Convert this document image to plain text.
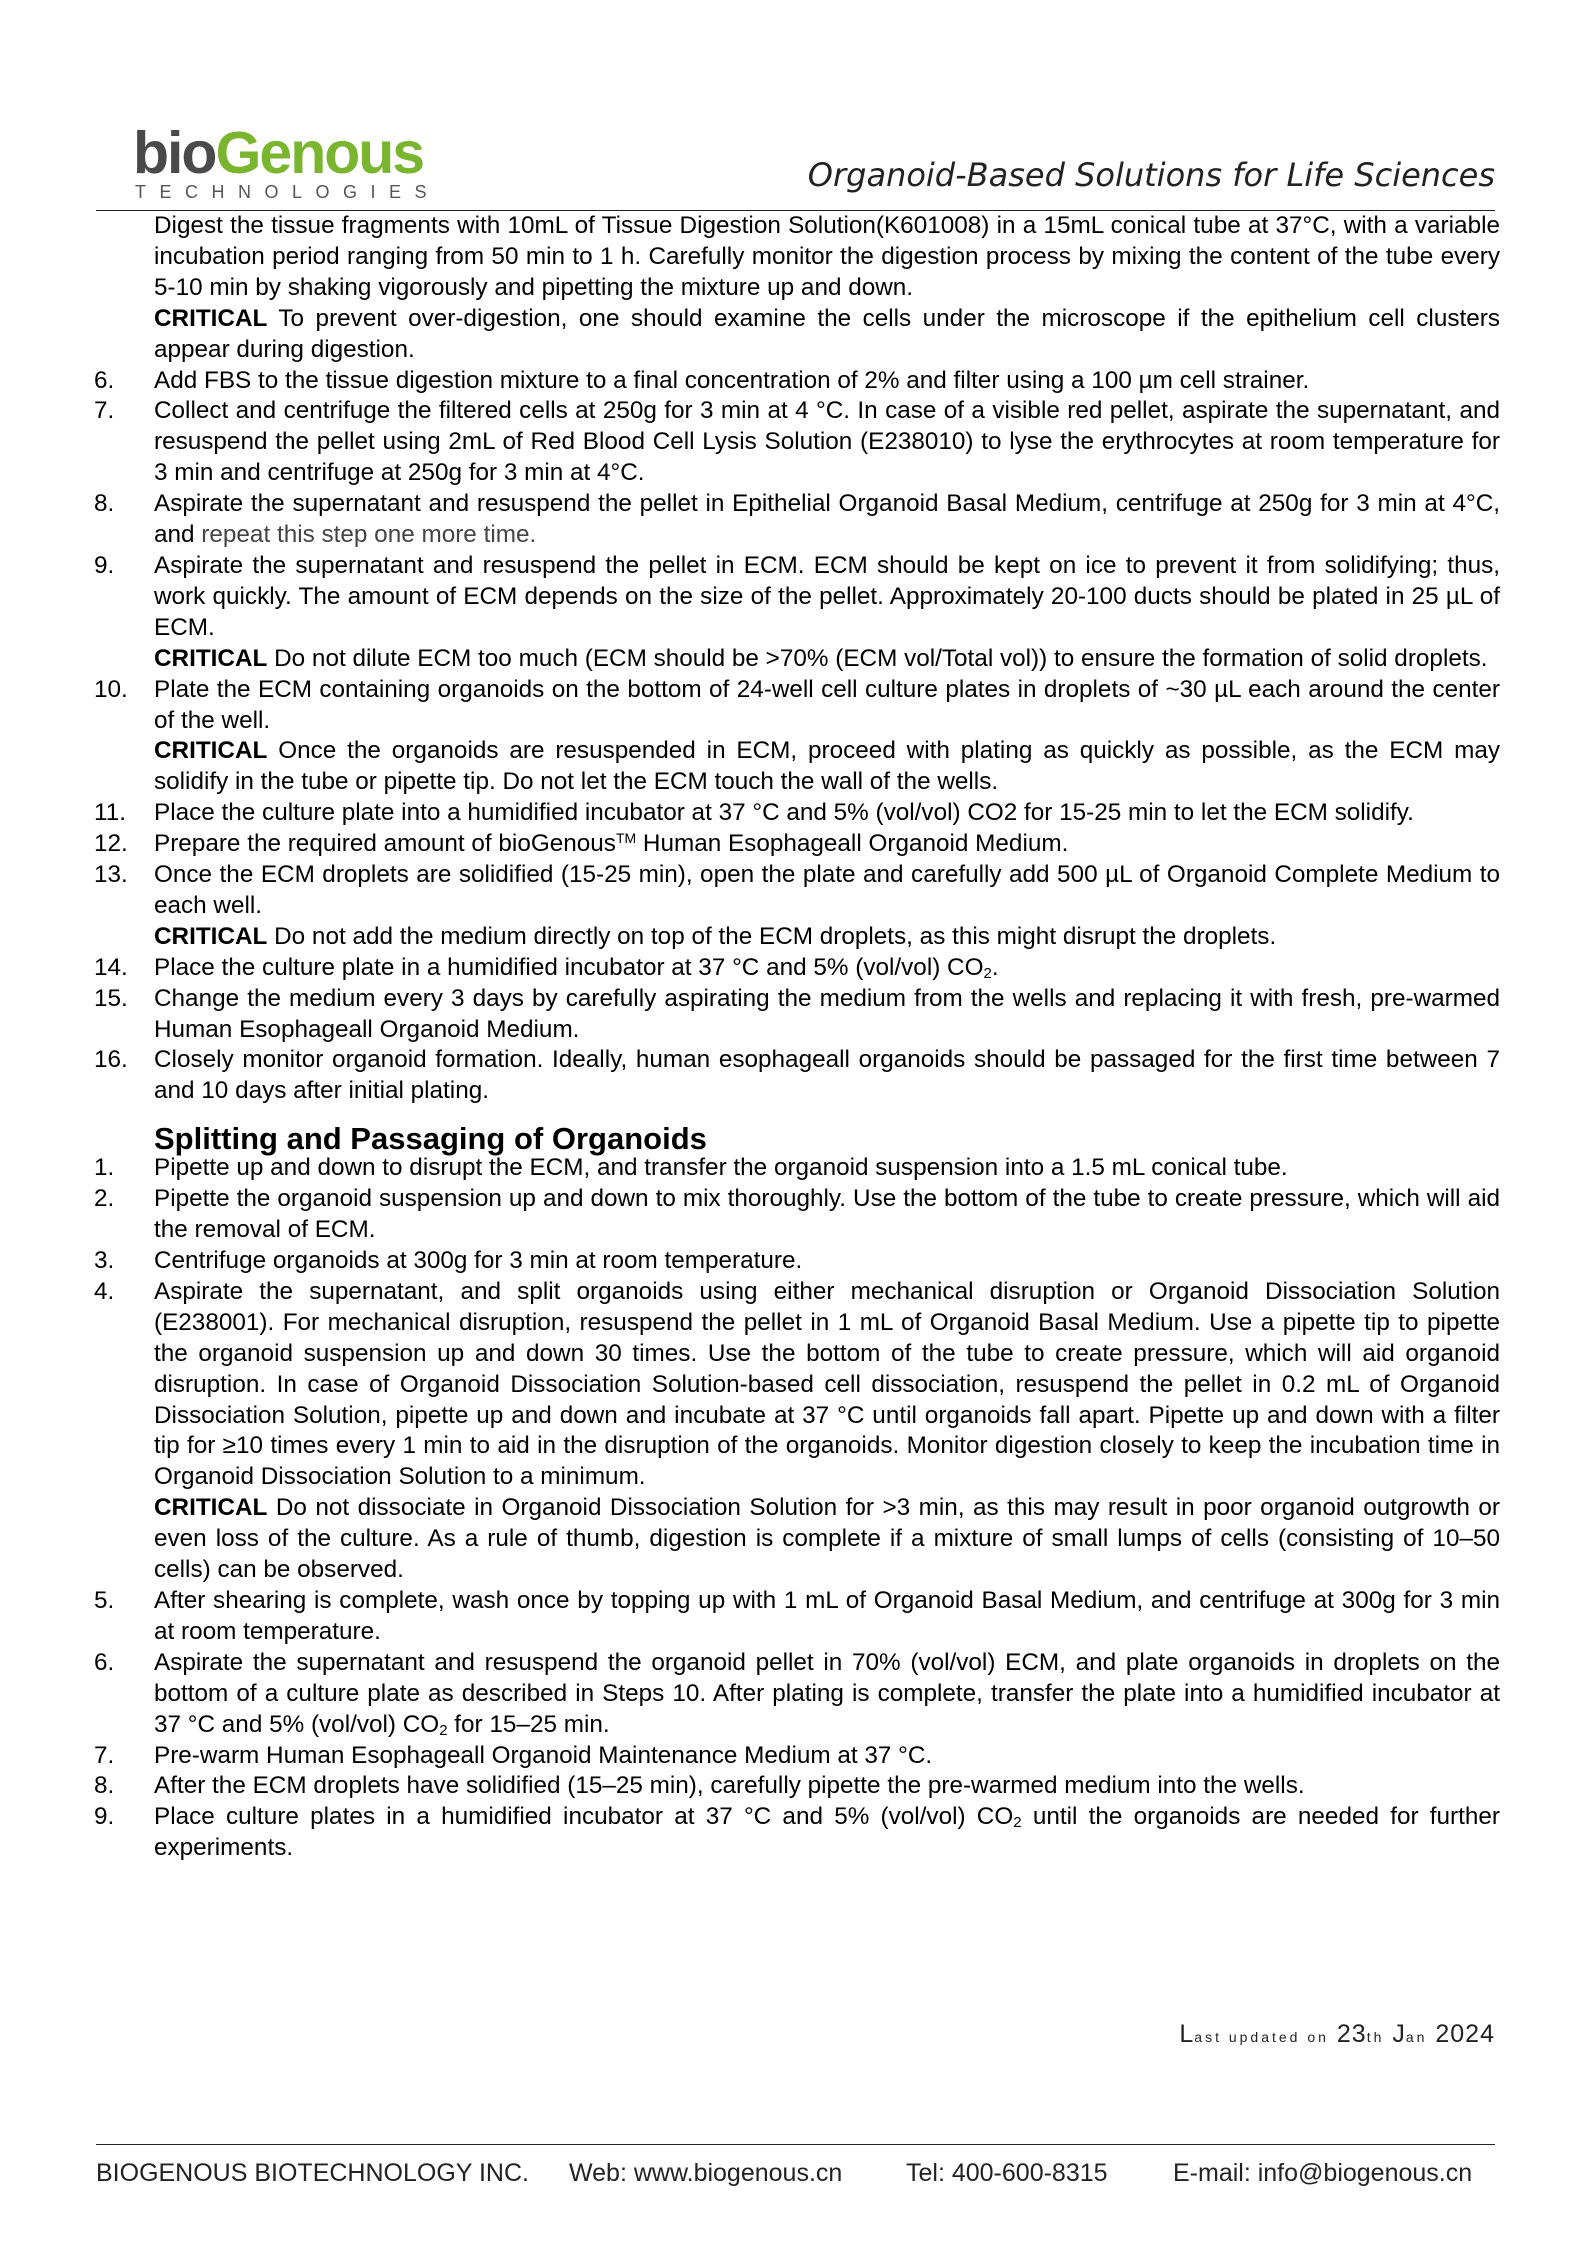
bioGenous
TECHNOLOGIES	Organoid-Based Solutions for Life Sciences
Digest the tissue fragments with 10mL of Tissue Digestion Solution(K601008) in a 15mL conical tube at 37°C, with a variable incubation period ranging from 50 min to 1 h. Carefully monitor the digestion process by mixing the content of the tube every 5-10 min by shaking vigorously and pipetting the mixture up and down.
CRITICAL To prevent over-digestion, one should examine the cells under the microscope if the epithelium cell clusters appear during digestion.
6. Add FBS to the tissue digestion mixture to a final concentration of 2% and filter using a 100 µm cell strainer.
7. Collect and centrifuge the filtered cells at 250g for 3 min at 4 °C. In case of a visible red pellet, aspirate the supernatant, and resuspend the pellet using 2mL of Red Blood Cell Lysis Solution (E238010) to lyse the erythrocytes at room temperature for 3 min and centrifuge at 250g for 3 min at 4°C.
8. Aspirate the supernatant and resuspend the pellet in Epithelial Organoid Basal Medium, centrifuge at 250g for 3 min at 4°C, and repeat this step one more time.
9. Aspirate the supernatant and resuspend the pellet in ECM. ECM should be kept on ice to prevent it from solidifying; thus, work quickly. The amount of ECM depends on the size of the pellet. Approximately 20-100 ducts should be plated in 25 µL of ECM.
CRITICAL Do not dilute ECM too much (ECM should be >70% (ECM vol/Total vol)) to ensure the formation of solid droplets.
10. Plate the ECM containing organoids on the bottom of 24-well cell culture plates in droplets of ~30 µL each around the center of the well.
CRITICAL Once the organoids are resuspended in ECM, proceed with plating as quickly as possible, as the ECM may solidify in the tube or pipette tip. Do not let the ECM touch the wall of the wells.
11. Place the culture plate into a humidified incubator at 37 °C and 5% (vol/vol) CO2 for 15-25 min to let the ECM solidify.
12. Prepare the required amount of bioGenous™ Human Esophageall Organoid Medium.
13. Once the ECM droplets are solidified (15-25 min), open the plate and carefully add 500 µL of Organoid Complete Medium to each well.
CRITICAL Do not add the medium directly on top of the ECM droplets, as this might disrupt the droplets.
14. Place the culture plate in a humidified incubator at 37 °C and 5% (vol/vol) $CO_2$.
15. Change the medium every 3 days by carefully aspirating the medium from the wells and replacing it with fresh, pre-warmed Human Esophageall Organoid Medium.
16. Closely monitor organoid formation. Ideally, human esophageall organoids should be passaged for the first time between 7 and 10 days after initial plating.
Splitting and Passaging of Organoids
1. Pipette up and down to disrupt the ECM, and transfer the organoid suspension into a 1.5 mL conical tube.
2. Pipette the organoid suspension up and down to mix thoroughly. Use the bottom of the tube to create pressure, which will aid the removal of ECM.
3. Centrifuge organoids at 300g for 3 min at room temperature.
4. Aspirate the supernatant, and split organoids using either mechanical disruption or Organoid Dissociation Solution (E238001). For mechanical disruption, resuspend the pellet in 1 mL of Organoid Basal Medium. Use a pipette tip to pipette the organoid suspension up and down 30 times. Use the bottom of the tube to create pressure, which will aid organoid disruption. In case of Organoid Dissociation Solution-based cell dissociation, resuspend the pellet in 0.2 mL of Organoid Dissociation Solution, pipette up and down and incubate at 37 °C until organoids fall apart. Pipette up and down with a filter tip for ≥10 times every 1 min to aid in the disruption of the organoids. Monitor digestion closely to keep the incubation time in Organoid Dissociation Solution to a minimum.
CRITICAL Do not dissociate in Organoid Dissociation Solution for >3 min, as this may result in poor organoid outgrowth or even loss of the culture. As a rule of thumb, digestion is complete if a mixture of small lumps of cells (consisting of 10–50 cells) can be observed.
5. After shearing is complete, wash once by topping up with 1 mL of Organoid Basal Medium, and centrifuge at 300g for 3 min at room temperature.
6. Aspirate the supernatant and resuspend the organoid pellet in 70% (vol/vol) ECM, and plate organoids in droplets on the bottom of a culture plate as described in Steps 10. After plating is complete, transfer the plate into a humidified incubator at 37 °C and 5% (vol/vol) $CO_2$ for 15–25 min.
7. Pre-warm Human Esophageall Organoid Maintenance Medium at 37 °C.
8. After the ECM droplets have solidified (15–25 min), carefully pipette the pre-warmed medium into the wells.
9. Place culture plates in a humidified incubator at 37 °C and 5% (vol/vol) $CO_2$ until the organoids are needed for further experiments.
Last updated on 23th Jan 2024
BIOGENOUS BIOTECHNOLOGY INC. Web: www.biogenous.cn	Tel: 400-600-8315	E-mail: info@biogenous.cn
